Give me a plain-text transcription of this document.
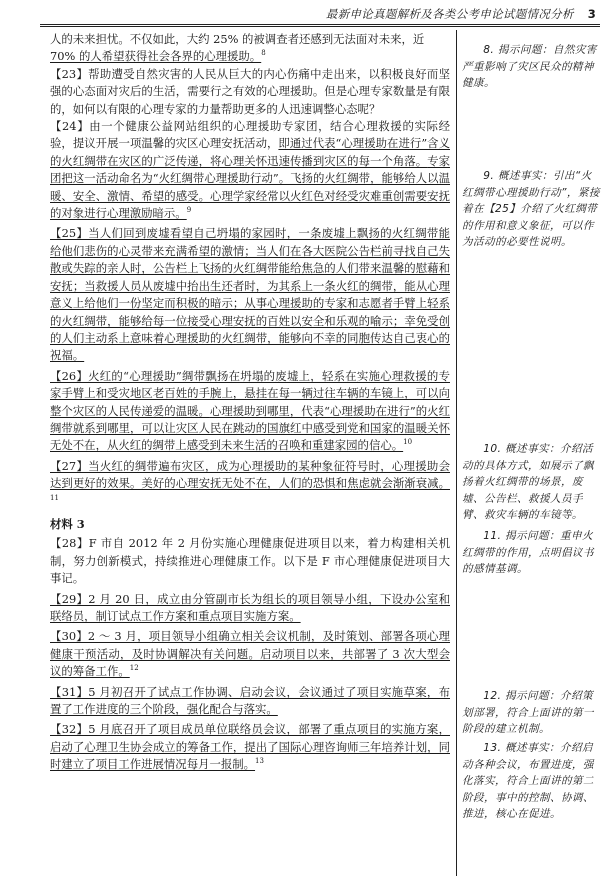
最新申论真题解析及各类公考申论试题情况分析 3

人的未来担忧。不仅如此，大约 25% 的被调查者还感到无法面对未来，近

70% 的人希望获得社会各界的心理援助。$^8$

【23】帮助遭受自然灾害的人民从巨大的内心伤痛中走出来，以积极良好而坚强的心态面对灾后的生活，需要行之有效的心理援助。但是心理专家数量是有限的，如何以有限的心理专家的力量帮助更多的人迅速调整心态呢？

【24】由一个健康公益网站组织的心理援助专家团，结合心理救援的实际经验，提议开展一项温馨的灾区心理安抚活动，即通过代表“心理援助在进行”含义的火红绸带在灾区的广泛传递，将心理关怀迅速传播到灾区的每一个角落。专家团把这一活动命名为“火红绸带心理援助行动”。飞扬的火红绸带，能够给人以温暖、安全、激情、希望的感受。心理学家经常以火红色对经受灾难重创需要安抚的对象进行心理激励暗示。$^9$

【25】当人们回到废墟看望自己坍塌的家园时，一条废墟上飘扬的火红绸带能给他们悲伤的心灵带来充满希望的激情；当人们在各大医院公告栏前寻找自己失散或失踪的亲人时，公告栏上飞扬的火红绸带能给焦急的人们带来温馨的慰藉和安抚；当救援人员从废墟中抬出生还者时，为其系上一条火红的绸带，能从心理意义上给他们一份坚定而积极的暗示；从事心理援助的专家和志愿者手臂上轻系的火红绸带，能够给每一位接受心理安抚的百姓以安全和乐观的喻示；幸免受创的人们主动系上意味着心理援助的火红绸带，能够向不幸的同胞传达自己衷心的祝福。

【26】火红的“心理援助”绸带飘扬在坍塌的废墟上，轻系在实施心理救援的专家手臂上和受灾地区老百姓的手腕上，悬挂在每一辆过往车辆的车镜上，可以向整个灾区的人民传递爱的温暖。心理援助到哪里，代表“心理援助在进行”的火红绸带就系到哪里，可以让灾区人民在跳动的国旗红中感受到党和国家的温暖关怀无处不在，从火红的绸带上感受到未来生活的召唤和重建家园的信心。$^{10}$

【27】当火红的绸带遍布灾区，成为心理援助的某种象征符号时，心理援助会达到更好的效果。美好的心理安抚无处不在，人们的恐惧和焦虑就会渐渐衰减。$^{11}$

材料 3

【28】F 市自 2012 年 2 月份实施心理健康促进项目以来，着力构建相关机制，努力创新模式，持续推进心理健康工作。以下是 F 市心理健康促进项目大事记。

【29】2 月 20 日，成立由分管副市长为组长的项目领导小组，下设办公室和联络员，制订试点工作方案和重点项目实施方案。

【30】2 ～ 3 月，项目领导小组确立相关会议机制，及时策划、部署各项心理健康干预活动，及时协调解决有关问题。启动项目以来，共部署了 3 次大型会议的筹备工作。$^{12}$

【31】5 月初召开了试点工作协调、启动会议，会议通过了项目实施草案，布置了工作进度的三个阶段，强化配合与落实。

【32】5 月底召开了项目成员单位联络员会议，部署了重点项目的实施方案，启动了心理卫生协会成立的筹备工作，提出了国际心理咨询师三年培养计划，同时建立了项目工作进展情况每月一报制。$^{13}$

8. 揭示问题：自然灾害严重影响了灾区民众的精神健康。

9. 概述事实：引出“火红绸带心理援助行动”，紧接着在【25】介绍了火红绸带的作用和意义象征，可以作为活动的必要性说明。

10. 概述事实：介绍活动的具体方式，如展示了飘扬着火红绸带的场景，废墟、公告栏、救援人员手臂、救灾车辆的车镜等。

11. 揭示问题：重申火红绸带的作用，点明倡议书的感情基调。

12. 揭示问题：介绍策划部署，符合上面讲的第一阶段的建立机制。

13. 概述事实：介绍启动各种会议，布置进度，强化落实，符合上面讲的第二阶段，事中的控制、协调、推进，核心在促进。
